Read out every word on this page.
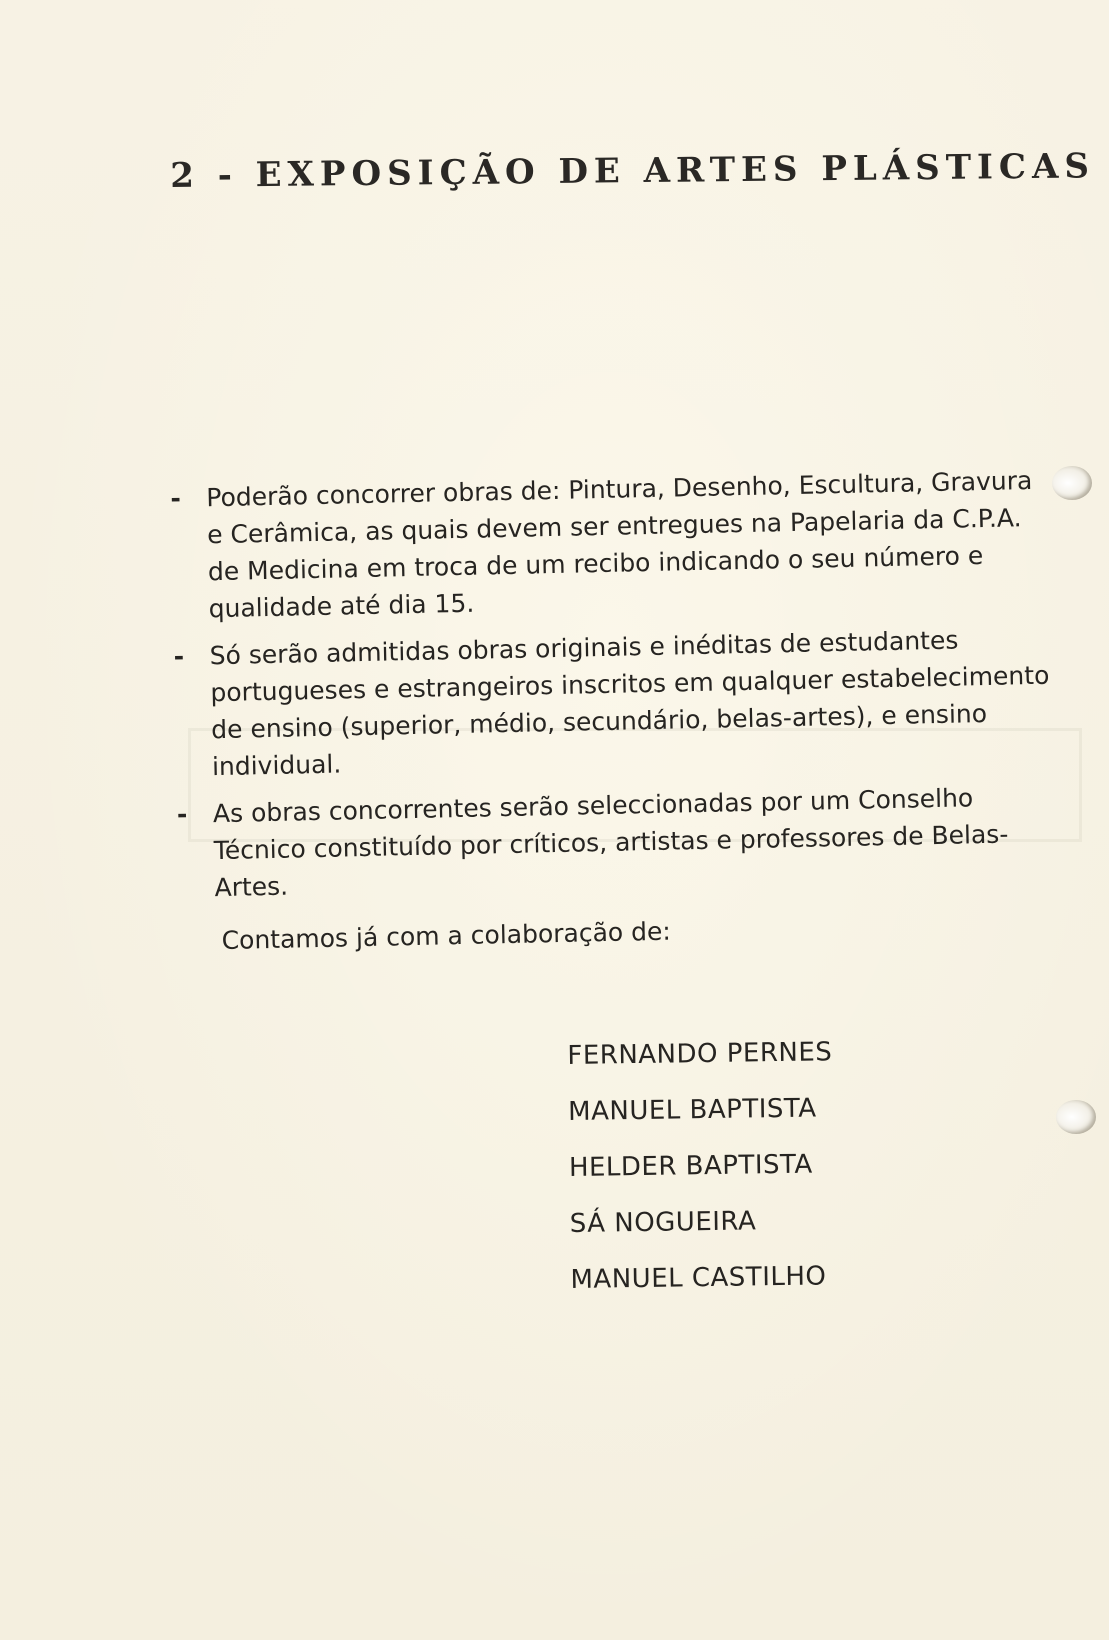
2 - EXPOSIÇÃO DE ARTES PLÁSTICAS
- Poderão concorrer obras de: Pintura, Desenho, Escultura, Gravura e Cerâmica, as quais devem ser entregues na Papelaria da C.P.A. de Medicina em troca de um recibo indicando o seu número e qualidade até dia 15.
- Só serão admitidas obras originais e inéditas de estudantes portugueses e estrangeiros inscritos em qualquer estabelecimento de ensino (superior, médio, secundário, belas-artes), e ensino individual.
- As obras concorrentes serão seleccionadas por um Conselho Técnico constituído por críticos, artistas e professores de Belas-Artes.
Contamos já com a colaboração de:
FERNANDO PERNES
MANUEL BAPTISTA
HELDER BAPTISTA
SÁ NOGUEIRA
MANUEL CASTILHO
